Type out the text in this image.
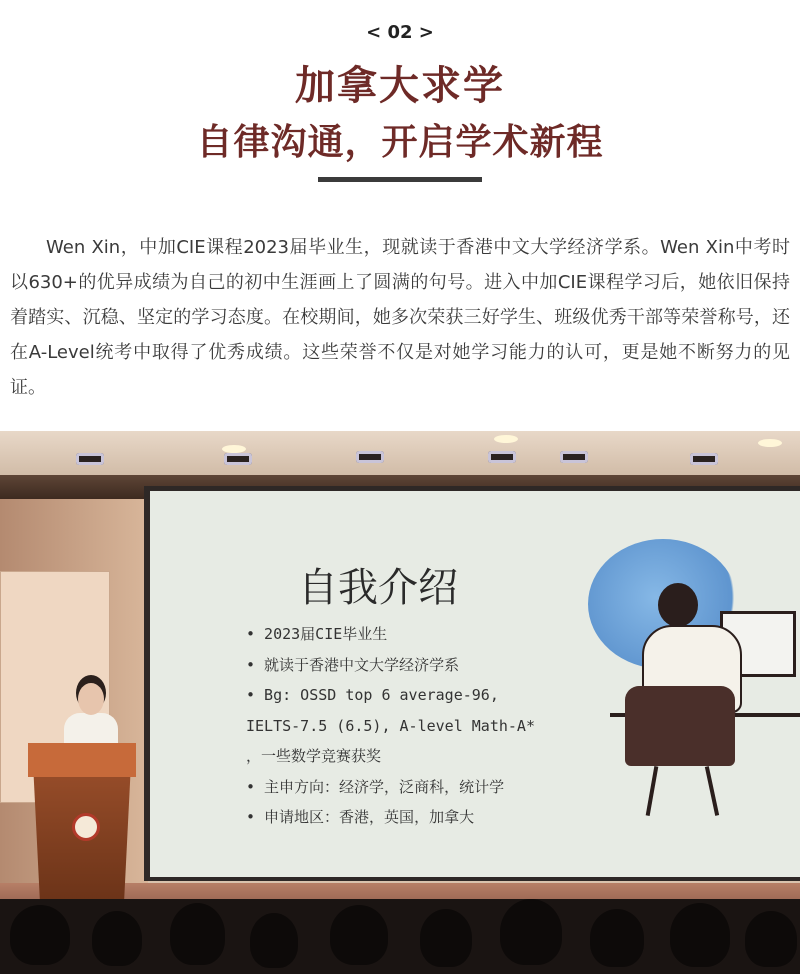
< 02 >
加拿大求学
自律沟通，开启学术新程

Wen Xin，中加CIE课程2023届毕业生，现就读于香港中文大学经济学系。Wen Xin中考时以630+的优异成绩为自己的初中生涯画上了圆满的句号。进入中加CIE课程学习后，她依旧保持着踏实、沉稳、坚定的学习态度。在校期间，她多次荣获三好学生、班级优秀干部等荣誉称号，还在A-Level统考中取得了优秀成绩。这些荣誉不仅是对她学习能力的认可，更是她不断努力的见证。

自我介绍
• 2023届CIE毕业生
• 就读于香港中文大学经济学系
• Bg: OSSD top 6 average-96,
IELTS-7.5 (6.5), A-level Math-A*
，一些数学竞赛获奖
• 主申方向：经济学，泛商科，统计学
• 申请地区：香港，英国，加拿大
